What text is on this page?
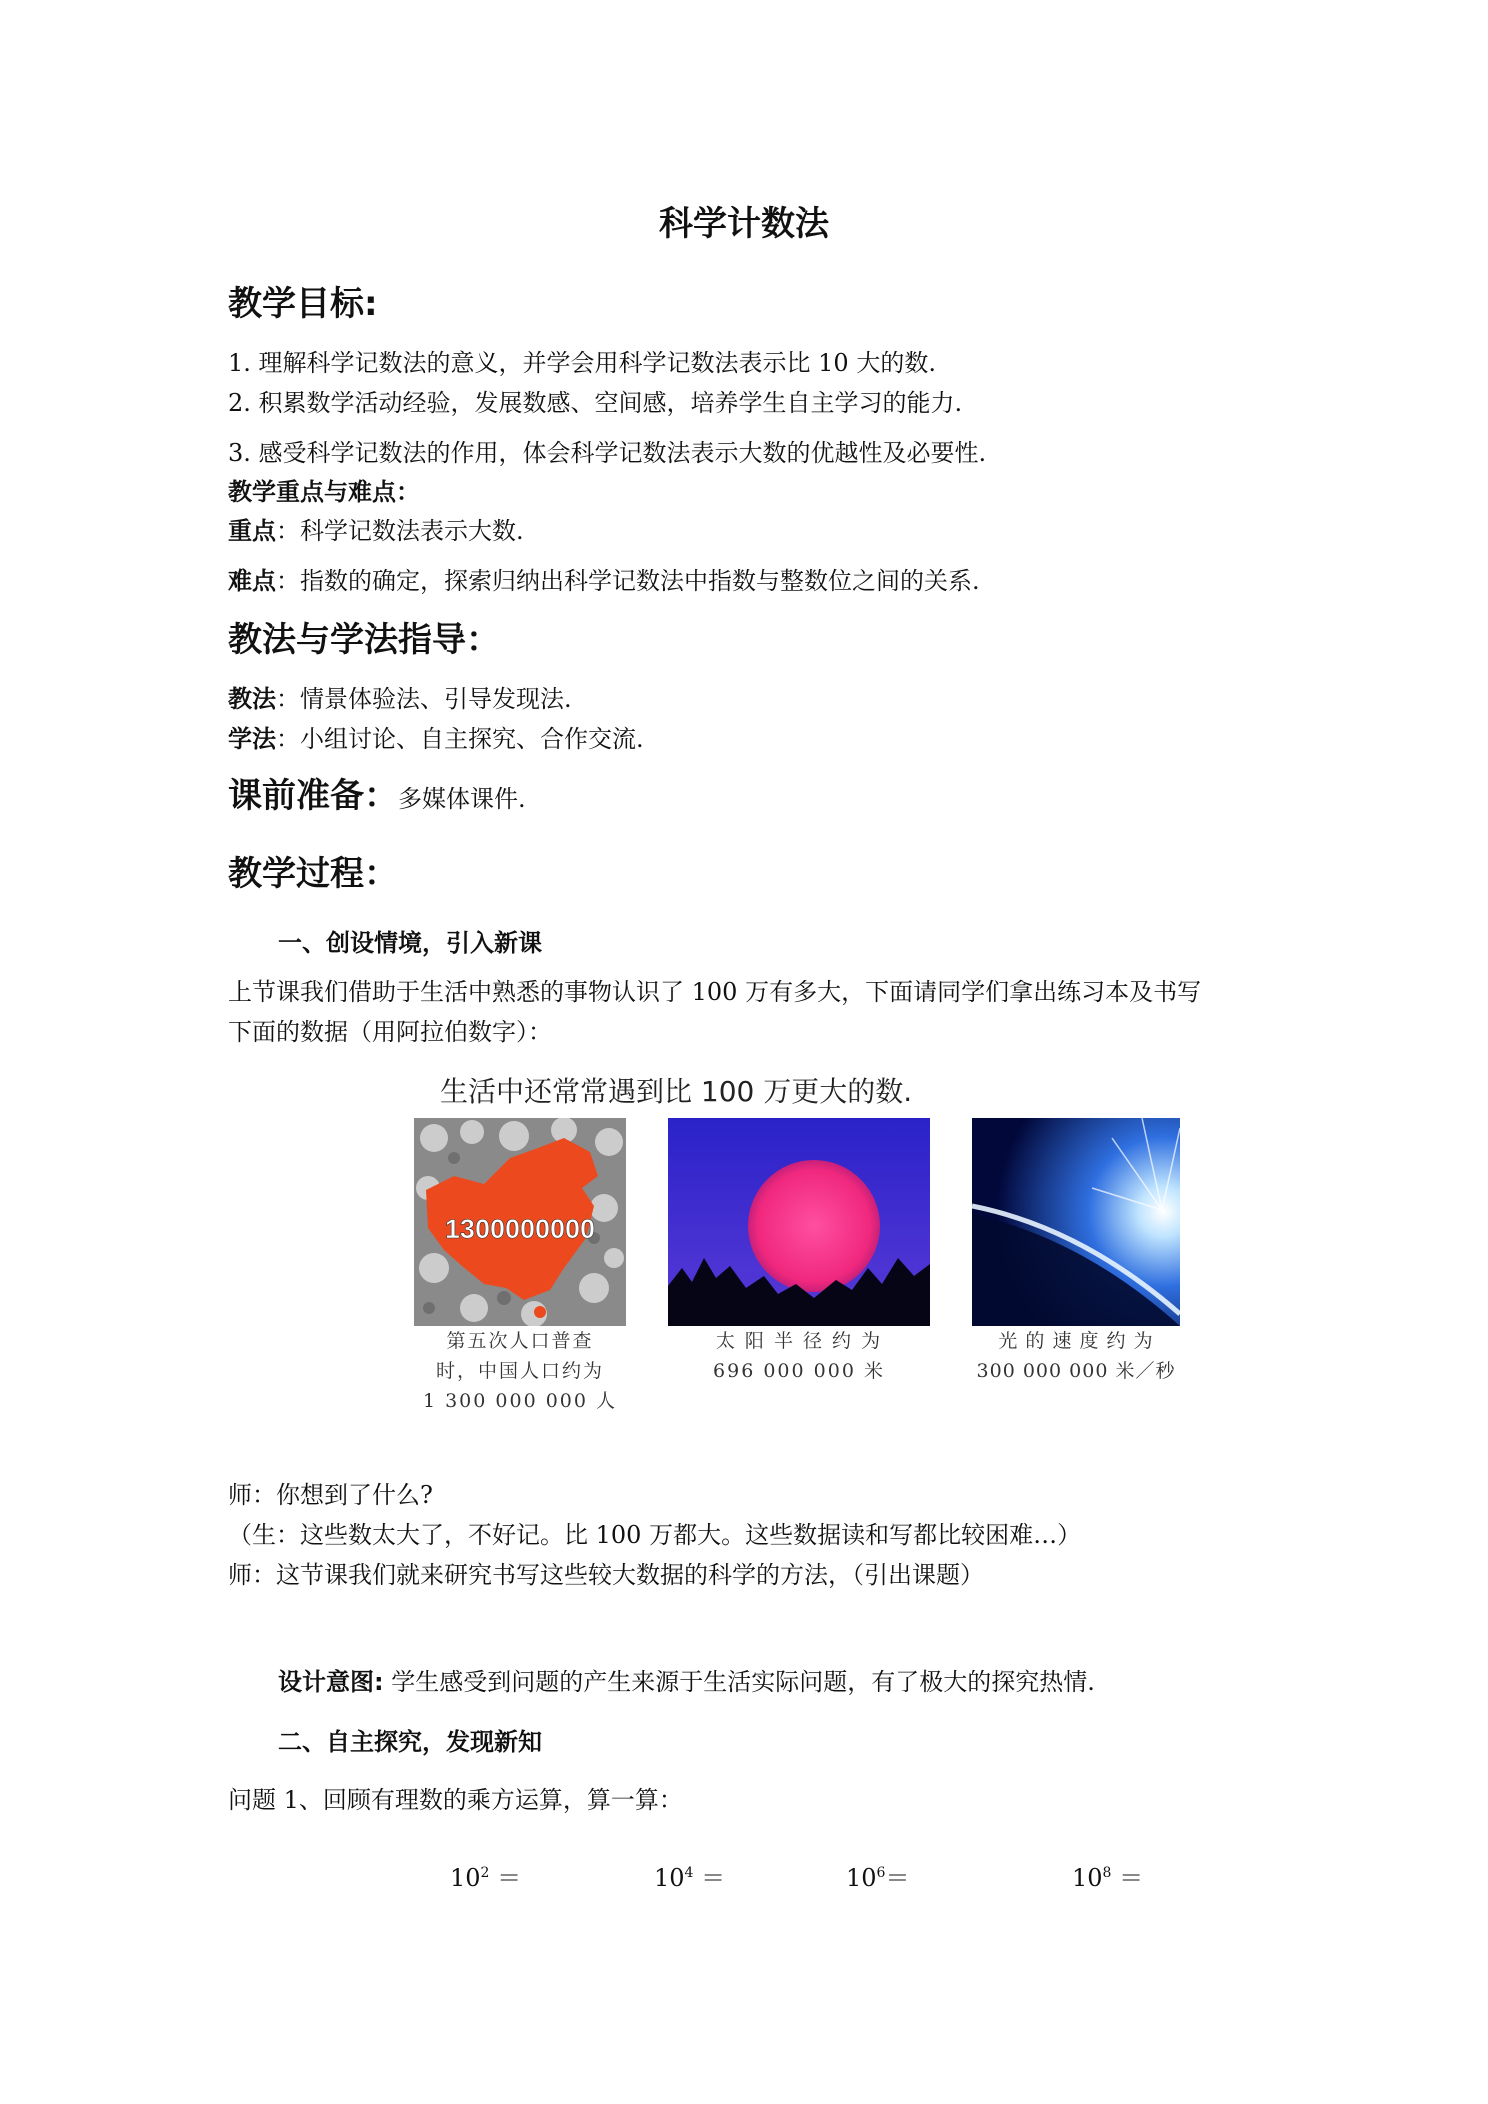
科学计数法
教学目标:
1. 理解科学记数法的意义，并学会用科学记数法表示比 10 大的数.
2. 积累数学活动经验，发展数感、空间感，培养学生自主学习的能力.
3. 感受科学记数法的作用，体会科学记数法表示大数的优越性及必要性.
教学重点与难点：
重点：科学记数法表示大数.
难点：指数的确定，探索归纳出科学记数法中指数与整数位之间的关系.
教法与学法指导：
教法：情景体验法、引导发现法.
学法：小组讨论、自主探究、合作交流.
课前准备：多媒体课件.
教学过程：
一、创设情境，引入新课
上节课我们借助于生活中熟悉的事物认识了 100 万有多大，下面请同学们拿出练习本及书写
下面的数据（用阿拉伯数字）：
生活中还常常遇到比 100 万更大的数.
1300000000
第五次人口普查
时，中国人口约为
1 300 000 000 人
太 阳 半 径 约 为
696 000 000 米
光 的 速 度 约 为
300 000 000 米／秒
师：你想到了什么?
（生：这些数太大了，不好记。比 100 万都大。这些数据读和写都比较困难…）
师：这节课我们就来研究书写这些较大数据的科学的方法，（引出课题）
设计意图: 学生感受到问题的产生来源于生活实际问题，有了极大的探究热情.
二、自主探究，发现新知
问题 1、回顾有理数的乘方运算，算一算：
$10^2$ ＝	$10^4$ ＝	$10^6=$	$10^8$ ＝
